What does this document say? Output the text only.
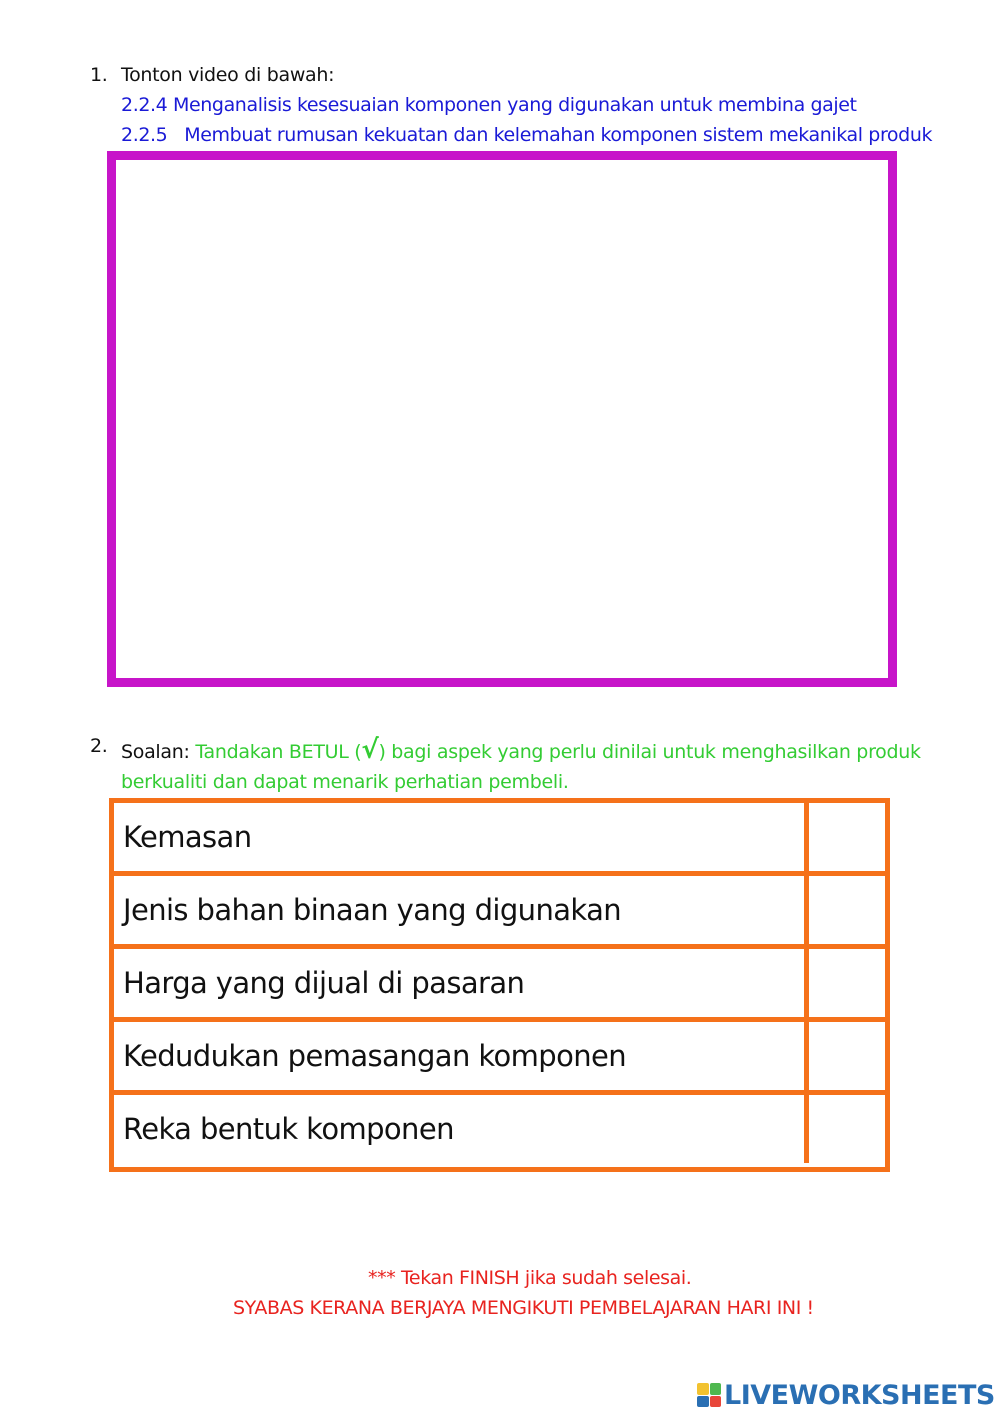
1. Tonton video di bawah:
2.2.4 Menganalisis kesesuaian komponen yang digunakan untuk membina gajet
2.2.5   Membuat rumusan kekuatan dan kelemahan komponen sistem mekanikal produk
2. Soalan: Tandakan BETUL (√) bagi aspek yang perlu dinilai untuk menghasilkan produk
berkualiti dan dapat menarik perhatian pembeli.
Kemasan
Jenis bahan binaan yang digunakan
Harga yang dijual di pasaran
Kedudukan pemasangan komponen
Reka bentuk komponen
*** Tekan FINISH jika sudah selesai.
SYABAS KERANA BERJAYA MENGIKUTI PEMBELAJARAN HARI INI !
LIVEWORKSHEETS
